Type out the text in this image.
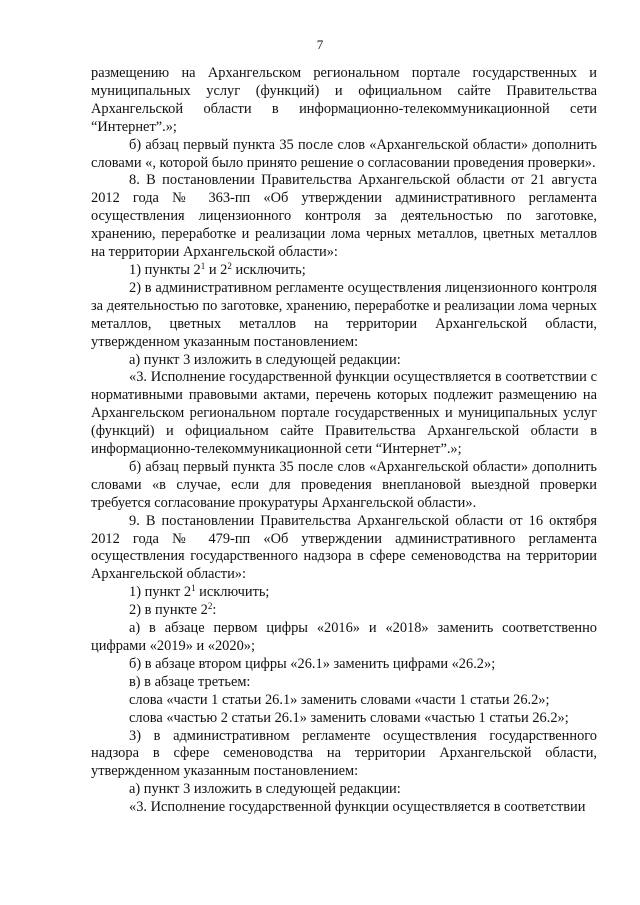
7

размещению на Архангельском региональном портале государственных и муниципальных услуг (функций) и официальном сайте Правительства Архангельской области в информационно-телекоммуникационной сети “Интернет”.»;

б) абзац первый пункта 35 после слов «Архангельской области» дополнить словами «, которой было принято решение о согласовании проведения проверки».

8. В постановлении Правительства Архангельской области от 21 августа 2012 года № 363-пп «Об утверждении административного регламента осуществления лицензионного контроля за деятельностью по заготовке, хранению, переработке и реализации лома черных металлов, цветных металлов на территории Архангельской области»:

1) пункты $2^1$ и $2^2$ исключить;

2) в административном регламенте осуществления лицензионного контроля за деятельностью по заготовке, хранению, переработке и реализации лома черных металлов, цветных металлов на территории Архангельской области, утвержденном указанным постановлением:

а) пункт 3 изложить в следующей редакции:

«3. Исполнение государственной функции осуществляется в соответствии с нормативными правовыми актами, перечень которых подлежит размещению на Архангельском региональном портале государственных и муниципальных услуг (функций) и официальном сайте Правительства Архангельской области в информационно-телекоммуникационной сети “Интернет”.»;

б) абзац первый пункта 35 после слов «Архангельской области» дополнить словами «в случае, если для проведения внеплановой выездной проверки требуется согласование прокуратуры Архангельской области».

9. В постановлении Правительства Архангельской области от 16 октября 2012 года № 479-пп «Об утверждении административного регламента осуществления государственного надзора в сфере семеноводства на территории Архангельской области»:

1) пункт $2^1$ исключить;

2) в пункте $2^2$:

а) в абзаце первом цифры «2016» и «2018» заменить соответственно цифрами «2019» и «2020»;

б) в абзаце втором цифры «26.1» заменить цифрами «26.2»;

в) в абзаце третьем:

слова «части 1 статьи 26.1» заменить словами «части 1 статьи 26.2»;

слова «частью 2 статьи 26.1» заменить словами «частью 1 статьи 26.2»;

3) в административном регламенте осуществления государственного надзора в сфере семеноводства на территории Архангельской области, утвержденном указанным постановлением:

а) пункт 3 изложить в следующей редакции:

«3. Исполнение государственной функции осуществляется в соответствии
